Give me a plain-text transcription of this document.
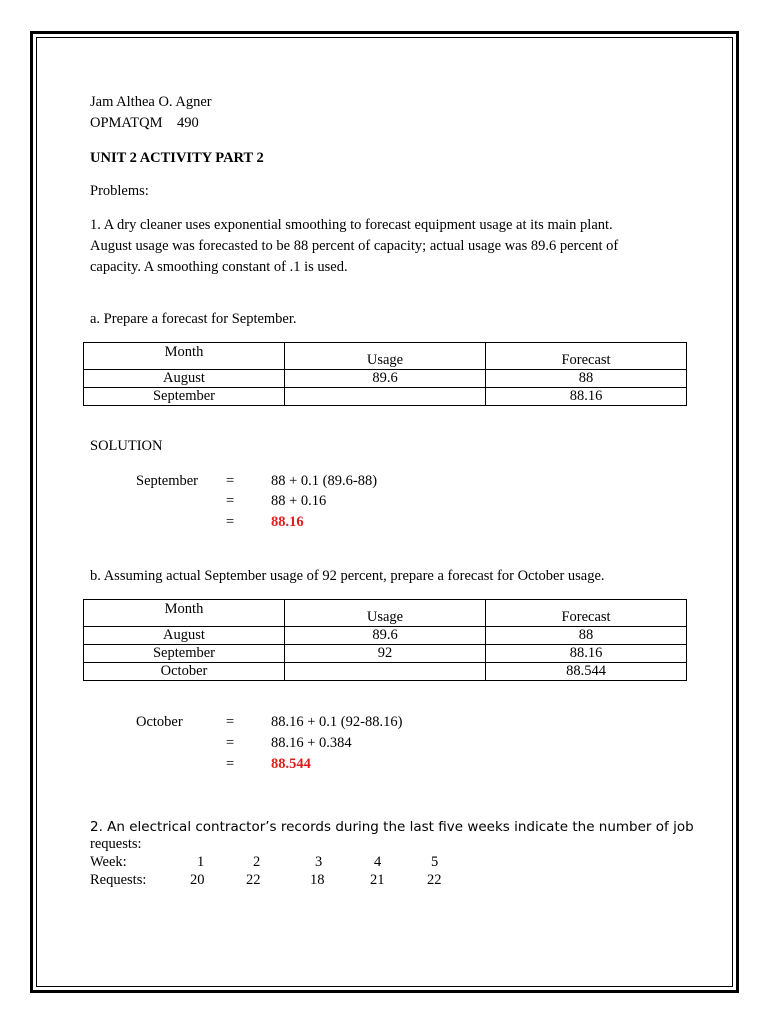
Jam Althea O. Agner
OPMATQM    490
UNIT 2 ACTIVITY PART 2
Problems:
1. A dry cleaner uses exponential smoothing to forecast equipment usage at its main plant.
August usage was forecasted to be 88 percent of capacity; actual usage was 89.6 percent of
capacity. A smoothing constant of .1 is used.
a. Prepare a forecast for September.
Month	Usage	Forecast
August	89.6	88
September		88.16
SOLUTION
September =	88 + 0.1 (89.6-88)
=	88 + 0.16
=	88.16
b. Assuming actual September usage of 92 percent, prepare a forecast for October usage.
Month	Usage	Forecast
August	89.6	88
September	92	88.16
October		88.544
October	=	88.16 + 0.1 (92-88.16)
=	88.16 + 0.384
=	88.544
2. An electrical contractor’s records during the last five weeks indicate the number of job
requests:
Week:	1	2	3	4	5
Requests:	20	22	18	21	22
